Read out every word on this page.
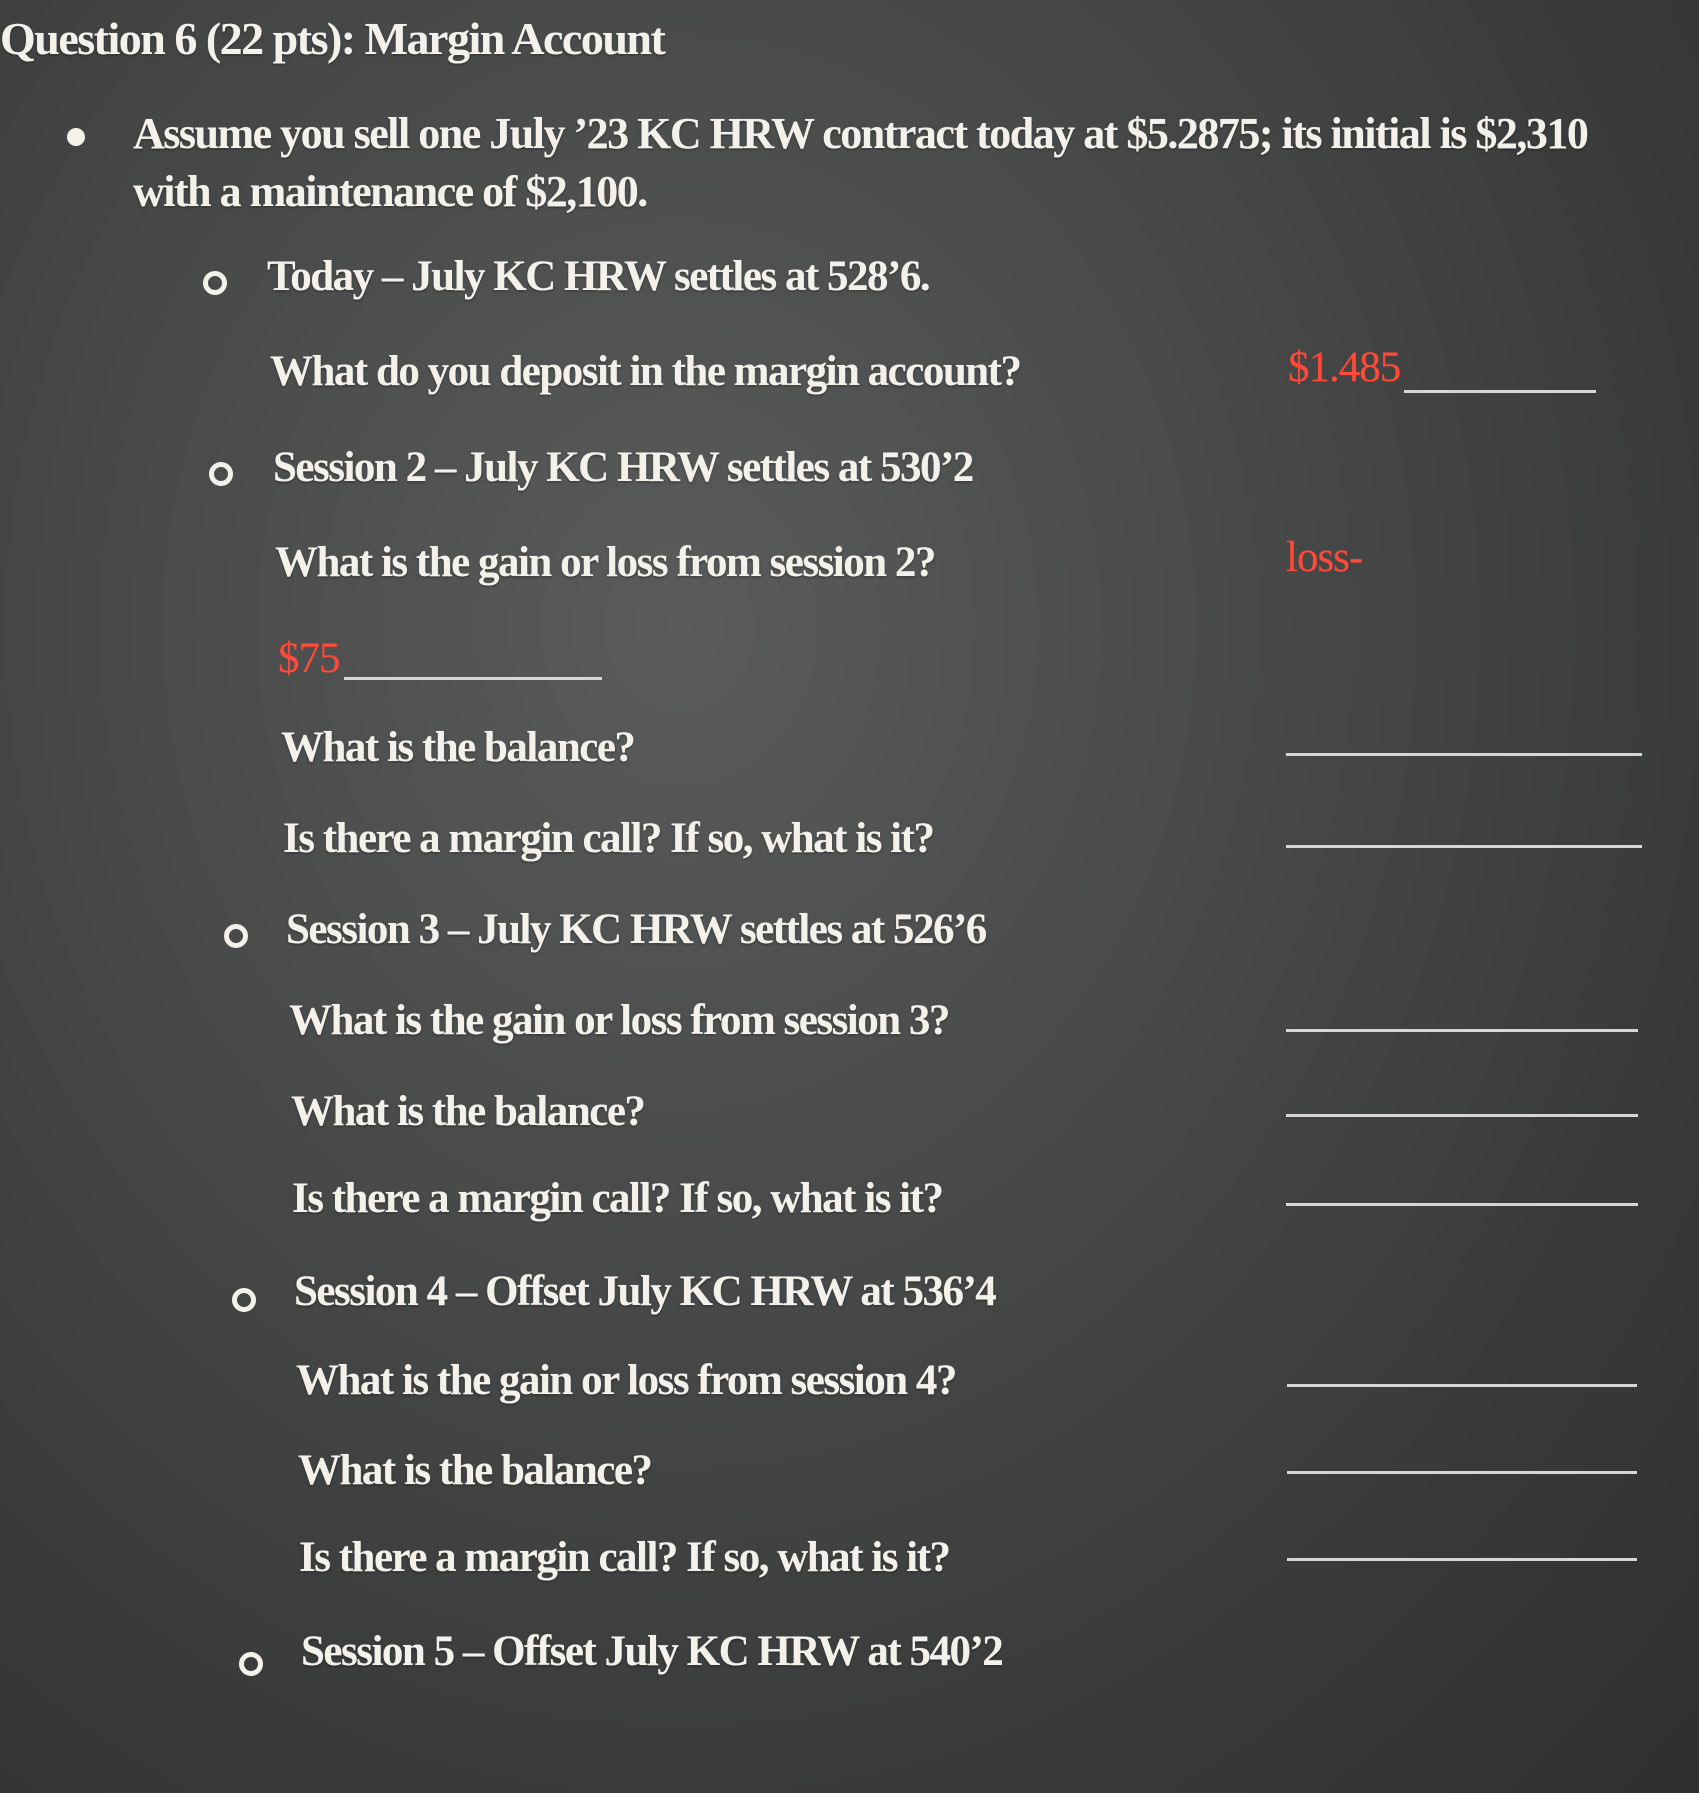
Question 6 (22 pts): Margin Account
Assume you sell one July ’23 KC HRW contract today at $5.2875; its initial is $2,310
with a maintenance of $2,100.
Today – July KC HRW settles at 528’6.
What do you deposit in the margin account?	$1.485
Session 2 – July KC HRW settles at 530’2
What is the gain or loss from session 2?	loss-
$75
What is the balance?
Is there a margin call? If so, what is it?
Session 3 – July KC HRW settles at 526’6
What is the gain or loss from session 3?
What is the balance?
Is there a margin call? If so, what is it?
Session 4 – Offset July KC HRW at 536’4
What is the gain or loss from session 4?
What is the balance?
Is there a margin call? If so, what is it?
Session 5 – Offset July KC HRW at 540’2
